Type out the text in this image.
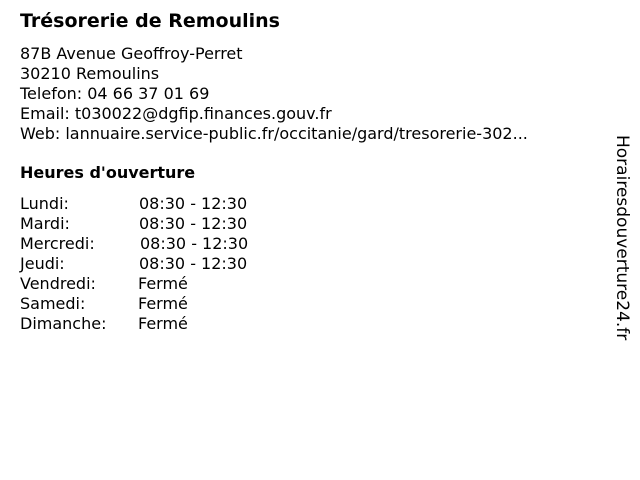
Trésorerie de Remoulins
87B Avenue Geoffroy-Perret
30210 Remoulins
Telefon: 04 66 37 01 69
Email: t030022@dgfip.finances.gouv.fr
Web: lannuaire.service-public.fr/occitanie/gard/tresorerie-302...
Heures d'ouverture
Lundi:	08:30 - 12:30
Mardi:	08:30 - 12:30
Mercredi:	08:30 - 12:30
Jeudi:	08:30 - 12:30
Vendredi:	Fermé
Samedi:	Fermé
Dimanche: Fermé	Horairesdouverture24.fr
